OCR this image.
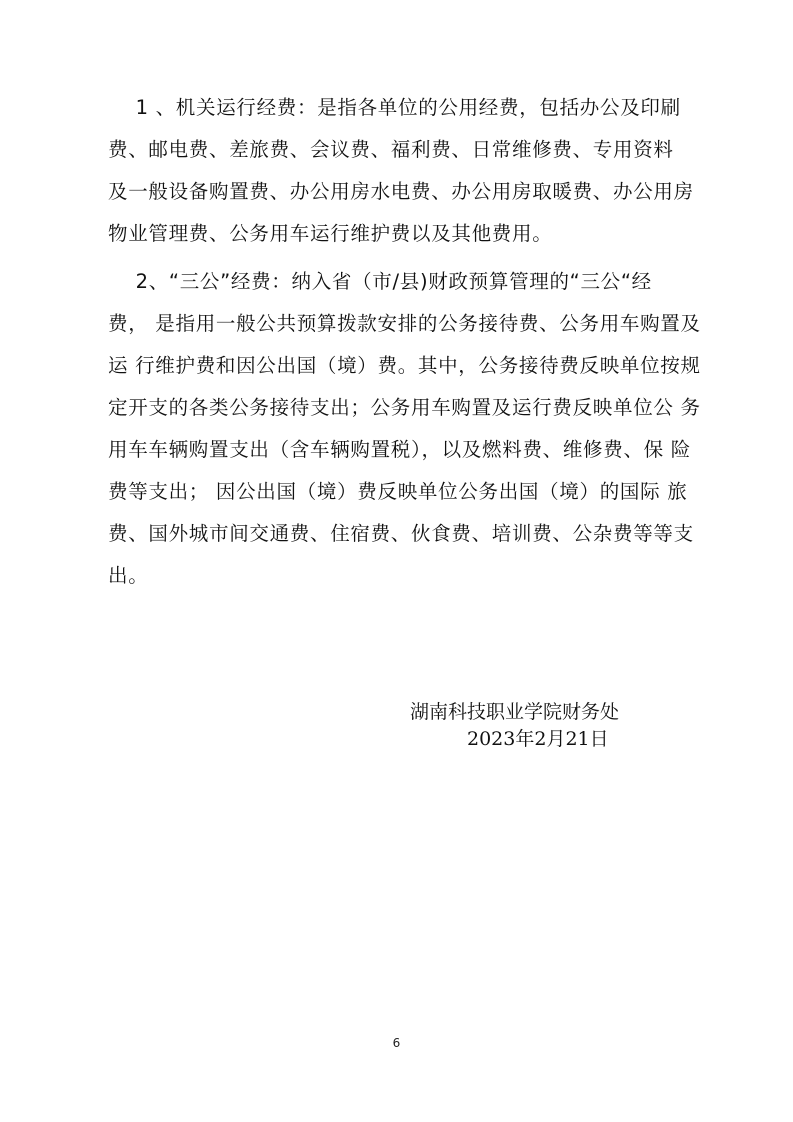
1 、机关运行经费：是指各单位的公用经费，包括办公及印刷
费、邮电费、差旅费、会议费、福利费、日常维修费、专用资料
及一般设备购置费、办公用房水电费、办公用房取暖费、办公用房
物业管理费、公务用车运行维护费以及其他费用。
2、“三公”经费：纳入省（市/县)财政预算管理的“三公“经
费， 是指用一般公共预算拨款安排的公务接待费、公务用车购置及
运 行维护费和因公出国（境）费。其中，公务接待费反映单位按规
定开支的各类公务接待支出；公务用车购置及运行费反映单位公 务
用车车辆购置支出（含车辆购置税），以及燃料费、维修费、保 险
费等支出； 因公出国（境）费反映单位公务出国（境）的国际 旅
费、国外城市间交通费、住宿费、伙食费、培训费、公杂费等等支
出。
湖南科技职业学院财务处
2023年2月21日
6
